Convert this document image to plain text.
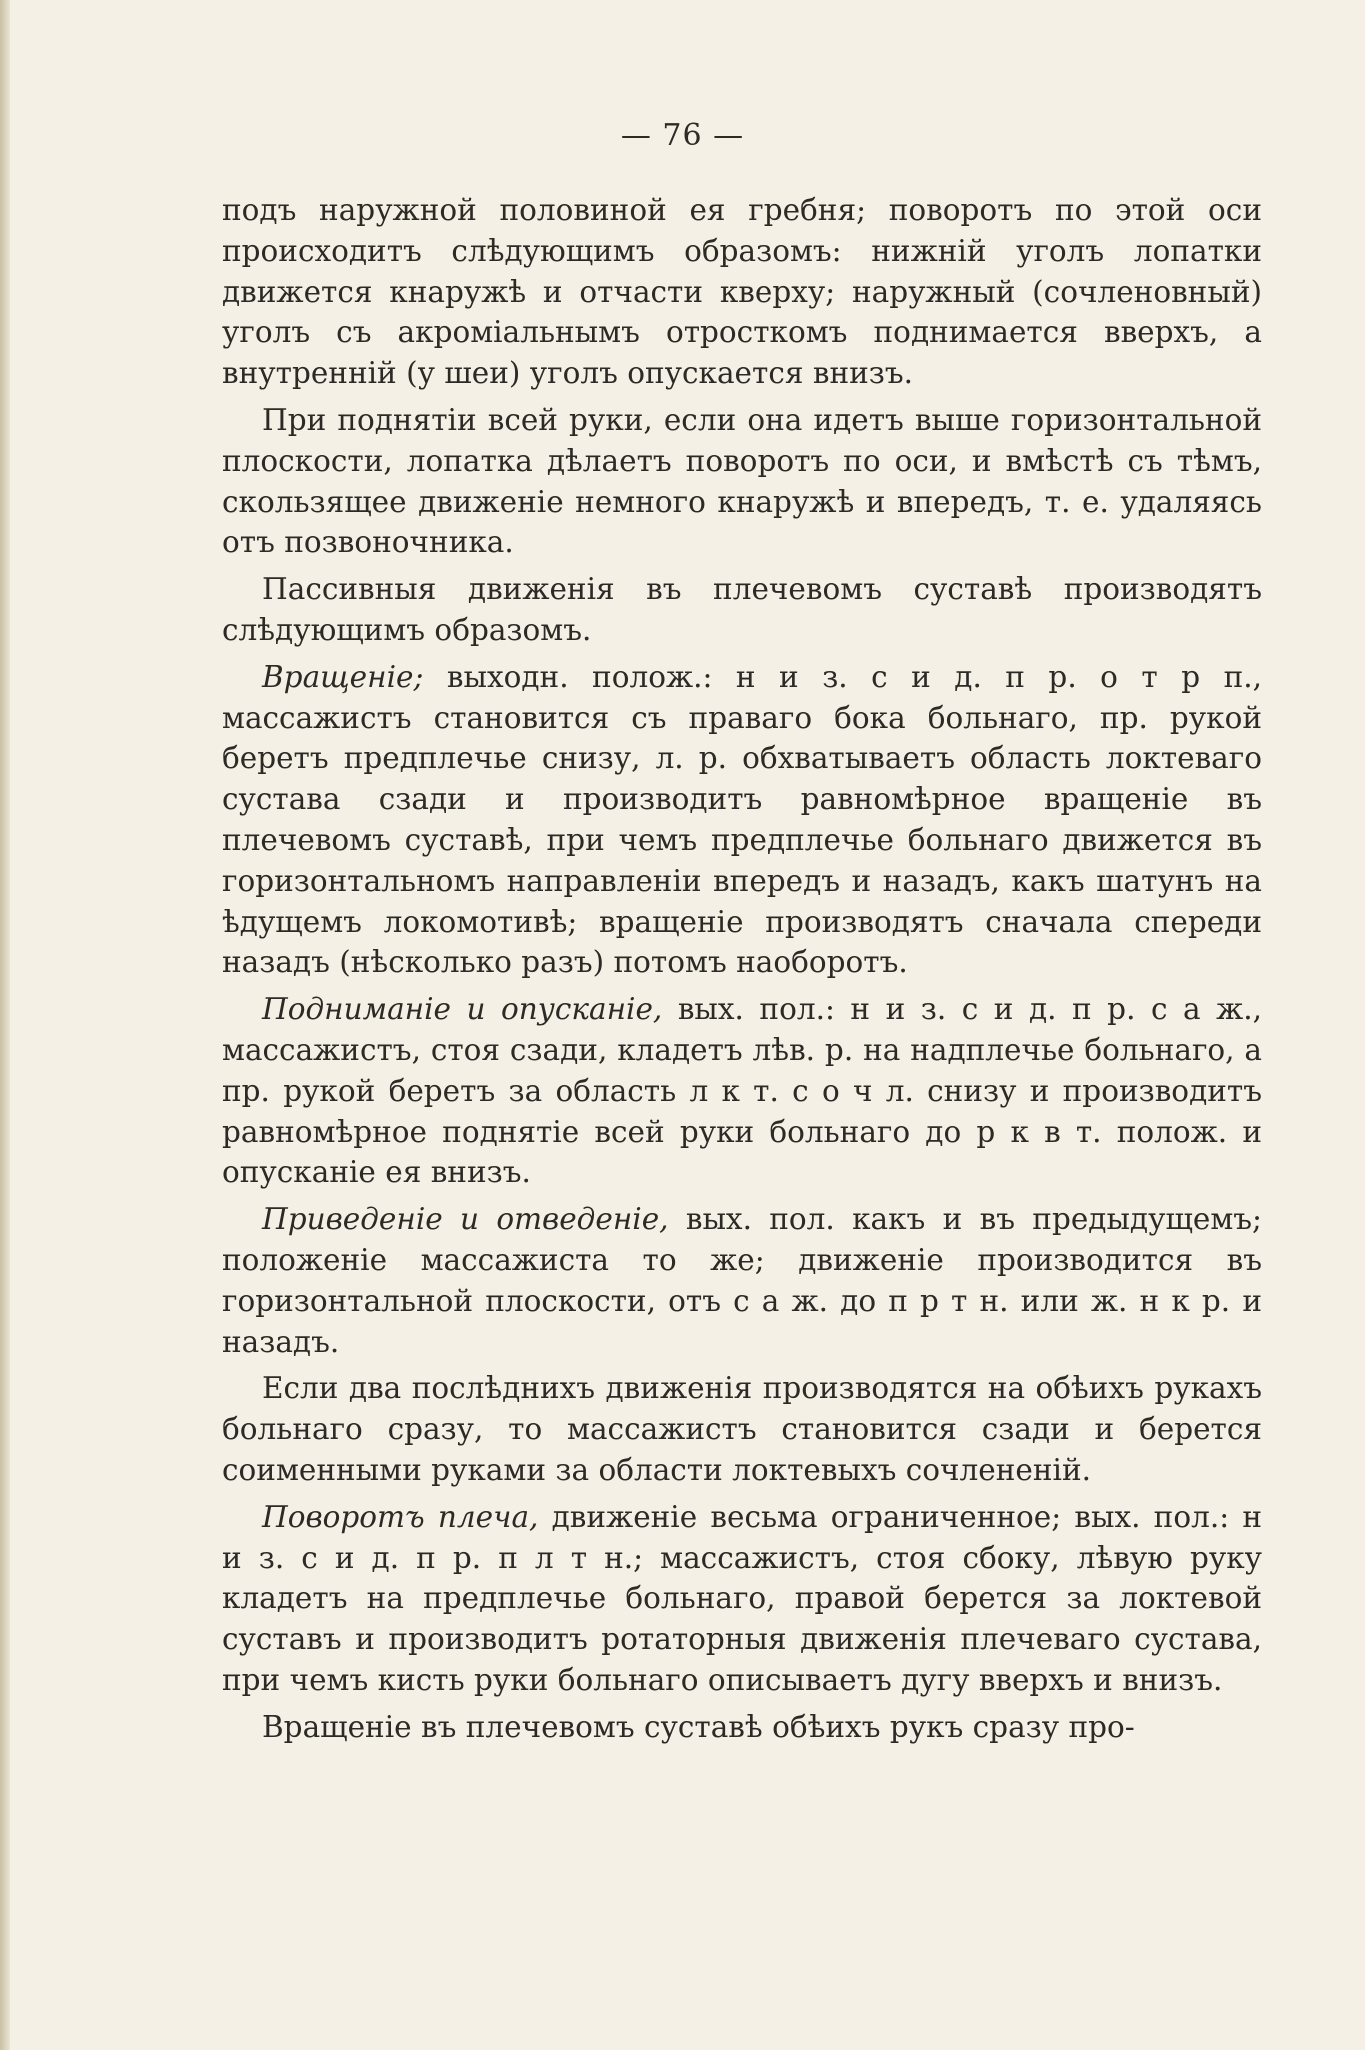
— 76 —

подъ наружной половиной ея гребня; поворотъ по этой оси происходитъ слѣдующимъ образомъ: нижнiй уголъ лопатки движется кнаружѣ и отчасти кверху; наружный (сочленовный) уголъ съ акромiальнымъ отросткомъ поднимается вверхъ, а внутреннiй (у шеи) уголъ опускается внизъ.

При поднятiи всей руки, если она идетъ выше горизонтальной плоскости, лопатка дѣлаетъ поворотъ по оси, и вмѣстѣ съ тѣмъ, скользящее движенiе немного кнаружѣ и впередъ, т. е. удаляясь отъ позвоночника.

Пассивныя движенiя въ плечевомъ суставѣ производятъ слѣдующимъ образомъ.

Вращенiе; выходн. полож.: н и з. с и д. п р. о т р п., массажистъ становится съ праваго бока больнаго, пр. рукой беретъ предплечье снизу, л. р. обхватываетъ область локтеваго сустава сзади и производитъ равномѣрное вращенiе въ плечевомъ суставѣ, при чемъ предплечье больнаго движется въ горизонтальномъ направленiи впередъ и назадъ, какъ шатунъ на ѣдущемъ локомотивѣ; вращенiе производятъ сначала спереди назадъ (нѣсколько разъ) потомъ наоборотъ.

Подниманiе и опусканiе, вых. пол.: н и з. с и д. п р. с а ж., массажистъ, стоя сзади, кладетъ лѣв. р. на надплечье больнаго, а пр. рукой беретъ за область л к т. с о ч л. снизу и производитъ равномѣрное поднятiе всей руки больнаго до р к в т. полож. и опусканiе ея внизъ.

Приведенiе и отведенiе, вых. пол. какъ и въ предыдущемъ; положенiе массажиста то же; движенiе производится въ горизонтальной плоскости, отъ с а ж. до п р т н. или ж. н к р. и назадъ.

Если два послѣднихъ движенiя производятся на обѣихъ рукахъ больнаго сразу, то массажистъ становится сзади и берется соименными руками за области локтевыхъ сочлененiй.

Поворотъ плеча, движенiе весьма ограниченное; вых. пол.: н и з. с и д. п р. п л т н.; массажистъ, стоя сбоку, лѣвую руку кладетъ на предплечье больнаго, правой берется за локтевой суставъ и производитъ ротаторныя движенiя плечеваго сустава, при чемъ кисть руки больнаго описываетъ дугу вверхъ и внизъ.

Вращенiе въ плечевомъ суставѣ обѣихъ рукъ сразу про-
